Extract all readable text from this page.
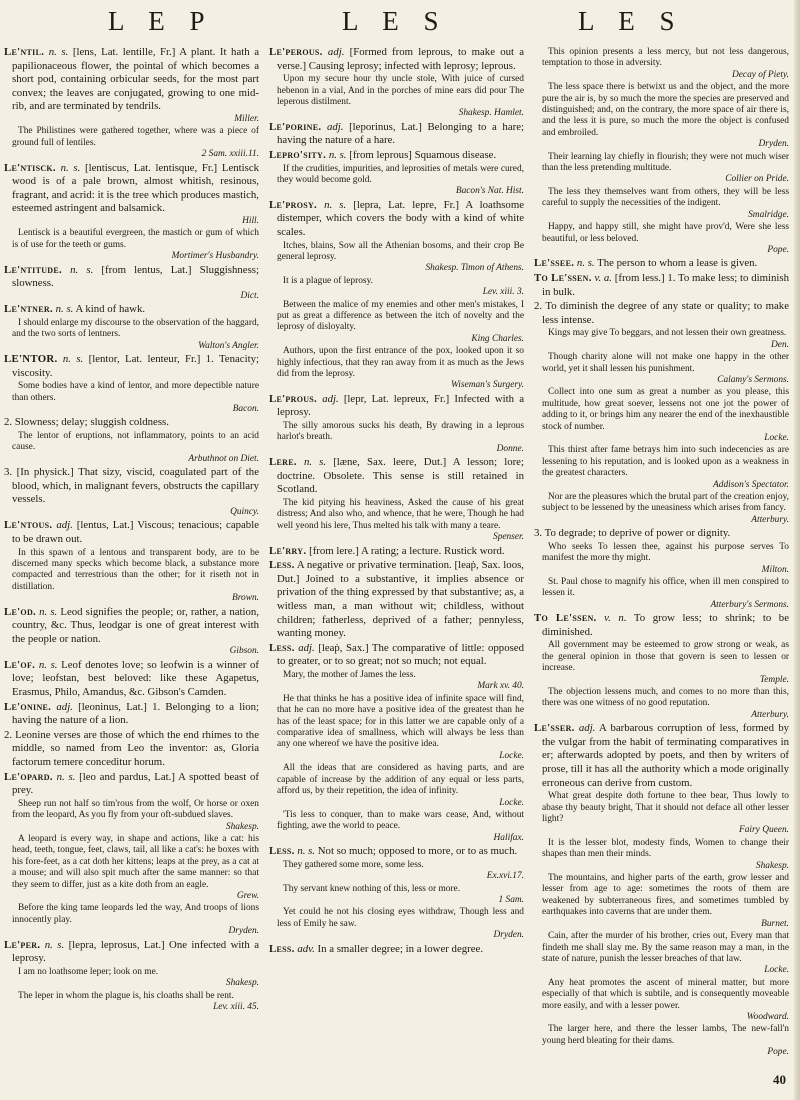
L E P	L E S	L E S
Le'ntil. n. s. [lens, Lat. lentille, Fr.] A plant. It hath a papilionaceous flower, the pointal of which becomes a short pod, containing orbicular seeds, for the most part convex; the leaves are conjugated, growing to one mid-rib, and are terminated by tendrils.
Miller.
The Philistines were gathered together, where was a piece of ground full of lentiles.
2 Sam. xxiii.11.
Le'ntisck. n. s. [lentiscus, Lat. lentisque, Fr.] Lentisck wood is of a pale brown, almost whitish, resinous, fragrant, and acrid: it is the tree which produces mastich, esteemed astringent and balsamick.
Hill.
Lentisck is a beautiful evergreen, the mastich or gum of which is of use for the teeth or gums.
Mortimer's Husbandry.
Le'ntitude. n. s. [from lentus, Lat.] Sluggishness; slowness.
Dict.
Le'ntner. n. s. A kind of hawk.
I should enlarge my discourse to the observation of the haggard, and the two sorts of lentners.
Walton's Angler.
LE'NTOR. n. s. [lentor, Lat. lenteur, Fr.] 1. Tenacity; viscosity.
Some bodies have a kind of lentor, and more depectible nature than others.
Bacon.
2. Slowness; delay; sluggish coldness.
The lentor of eruptions, not inflammatory, points to an acid cause.
Arbuthnot on Diet.
3. [In physick.] That sizy, viscid, coagulated part of the blood, which, in malignant fevers, obstructs the capillary vessels.
Quincy.
Le'ntous. adj. [lentus, Lat.] Viscous; tenacious; capable to be drawn out.
In this spawn of a lentous and transparent body, are to be discerned many specks which become black, a substance more compacted and terrestrious than the other; for it riseth not in distillation.
Brown.
Le'od. n. s. Leod signifies the people; or, rather, a nation, country, &c. Thus, leodgar is one of great interest with the people or nation.
Gibson.
Le'of. n. s. Leof denotes love; so leofwin is a winner of love; leofstan, best beloved: like these Agapetus, Erasmus, Philo, Amandus, &c. Gibson's Camden.
Le'onine. adj. [leoninus, Lat.] 1. Belonging to a lion; having the nature of a lion.
2. Leonine verses are those of which the end rhimes to the middle, so named from Leo the inventor: as, Gloria factorum temere conceditur horum.
Le'opard. n. s. [leo and pardus, Lat.] A spotted beast of prey.
Sheep run not half so tim'rous from the wolf, Or horse or oxen from the leopard, As you fly from your oft-subdued slaves.
Shakesp.
A leopard is every way, in shape and actions, like a cat: his head, teeth, tongue, feet, claws, tail, all like a cat's: he boxes with his fore-feet, as a cat doth her kittens; leaps at the prey, as a cat at a mouse; and will also spit much after the same manner: so that they seem to differ, just as a kite doth from an eagle.
Grew.
Before the king tame leopards led the way, And troops of lions innocently play.
Dryden.
Le'per. n. s. [lepra, leprosus, Lat.] One infected with a leprosy.
I am no loathsome leper; look on me.
Shakesp.
The leper in whom the plague is, his cloaths shall be rent.
Lev. xiii. 45.
Le'perous. adj. [Formed from leprous, to make out a verse.] Causing leprosy; infected with leprosy; leprous.
Upon my secure hour thy uncle stole, With juice of cursed hebenon in a vial, And in the porches of mine ears did pour The leperous distilment.
Shakesp. Hamlet.
Le'porine. adj. [leporinus, Lat.] Belonging to a hare; having the nature of a hare.
Lepro'sity. n. s. [from leprous] Squamous disease.
If the crudities, impurities, and leprosities of metals were cured, they would become gold.
Bacon's Nat. Hist.
Le'prosy. n. s. [lepra, Lat. lepre, Fr.] A loathsome distemper, which covers the body with a kind of white scales.
Itches, blains, Sow all the Athenian bosoms, and their crop Be general leprosy.
Shakesp. Timon of Athens.
It is a plague of leprosy.
Lev. xiii. 3.
Between the malice of my enemies and other men's mistakes, I put as great a difference as between the itch of novelty and the leprosy of disloyalty.
King Charles.
Authors, upon the first entrance of the pox, looked upon it so highly infectious, that they ran away from it as much as the Jews did from the leprosy.
Wiseman's Surgery.
Le'prous. adj. [lepr, Lat. lepreux, Fr.] Infected with a leprosy.
The silly amorous sucks his death, By drawing in a leprous harlot's breath.
Donne.
Lere. n. s. [læne, Sax. leere, Dut.] A lesson; lore; doctrine. Obsolete. This sense is still retained in Scotland.
The kid pitying his heaviness, Asked the cause of his great distress; And also who, and whence, that he were, Though he had well yeond his lere, Thus melted his talk with many a teare.
Spenser.
Le'rry. [from lere.] A rating; a lecture. Rustick word.
Less. A negative or privative termination. [leaṗ, Sax. loos, Dut.] Joined to a substantive, it implies absence or privation of the thing expressed by that substantive; as, a witless man, a man without wit; childless, without children; fatherless, deprived of a father; pennyless, wanting money.
Less. adj. [leaṗ, Sax.] The comparative of little: opposed to greater, or to so great; not so much; not equal.
Mary, the mother of James the less.
Mark xv. 40.
He that thinks he has a positive idea of infinite space will find, that he can no more have a positive idea of the greatest than he has of the least space; for in this latter we are capable only of a comparative idea of smallness, which will always be less than any one whereof we have the positive idea.
Locke.
All the ideas that are considered as having parts, and are capable of increase by the addition of any equal or less parts, afford us, by their repetition, the idea of infinity.
Locke.
'Tis less to conquer, than to make wars cease, And, without fighting, awe the world to peace.
Halifax.
Less. n. s. Not so much; opposed to more, or to as much.
They gathered some more, some less.
Ex.xvi.17.
Thy servant knew nothing of this, less or more.
1 Sam.
Yet could he not his closing eyes withdraw, Though less and less of Emily he saw.
Dryden.
Less. adv. In a smaller degree; in a lower degree.
This opinion presents a less mercy, but not less dangerous, temptation to those in adversity.
Decay of Piety.
The less space there is betwixt us and the object, and the more pure the air is, by so much the more the species are preserved and distinguished; and, on the contrary, the more space of air there is, and the less it is pure, so much the more the object is confused and embroiled.
Dryden.
Their learning lay chiefly in flourish; they were not much wiser than the less pretending multitude.
Collier on Pride.
The less they themselves want from others, they will be less careful to supply the necessities of the indigent.
Smalridge.
Happy, and happy still, she might have prov'd, Were she less beautiful, or less beloved.
Pope.
Le'ssee. n. s. The person to whom a lease is given.
To Le'ssen. v. a. [from less.] 1. To make less; to diminish in bulk.
2. To diminish the degree of any state or quality; to make less intense.
Kings may give To beggars, and not lessen their own greatness.
Den.
Though charity alone will not make one happy in the other world, yet it shall lessen his punishment.
Calamy's Sermons.
Collect into one sum as great a number as you please, this multitude, how great soever, lessens not one jot the power of adding to it, or brings him any nearer the end of the inexhaustible stock of number.
Locke.
This thirst after fame betrays him into such indecencies as are lessening to his reputation, and is looked upon as a weakness in the greatest characters.
Addison's Spectator.
Nor are the pleasures which the brutal part of the creation enjoy, subject to be lessened by the uneasiness which arises from fancy.
Atterbury.
3. To degrade; to deprive of power or dignity.
Who seeks To lessen thee, against his purpose serves To manifest the more thy might.
Milton.
St. Paul chose to magnify his office, when ill men conspired to lessen it.
Atterbury's Sermons.
To Le'ssen. v. n. To grow less; to shrink; to be diminished.
All government may be esteemed to grow strong or weak, as the general opinion in those that govern is seen to lessen or increase.
Temple.
The objection lessens much, and comes to no more than this, there was one witness of no good reputation.
Atterbury.
Le'sser. adj. A barbarous corruption of less, formed by the vulgar from the habit of terminating comparatives in er; afterwards adopted by poets, and then by writers of prose, till it has all the authority which a mode originally erroneous can derive from custom.
What great despite doth fortune to thee bear, Thus lowly to abase thy beauty bright, That it should not deface all other lesser light?
Fairy Queen.
It is the lesser blot, modesty finds, Women to change their shapes than men their minds.
Shakesp.
The mountains, and higher parts of the earth, grow lesser and lesser from age to age: sometimes the roots of them are weakened by subterraneous fires, and sometimes tumbled by earthquakes into caverns that are under them.
Burnet.
Cain, after the murder of his brother, cries out, Every man that findeth me shall slay me. By the same reason may a man, in the state of nature, punish the lesser breaches of that law.
Locke.
Any heat promotes the ascent of mineral matter, but more especially of that which is subtile, and is consequently moveable more easily, and with a lesser power.
Woodward.
The larger here, and there the lesser lambs, The new-fall'n young herd bleating for their dams.
Pope.
40
